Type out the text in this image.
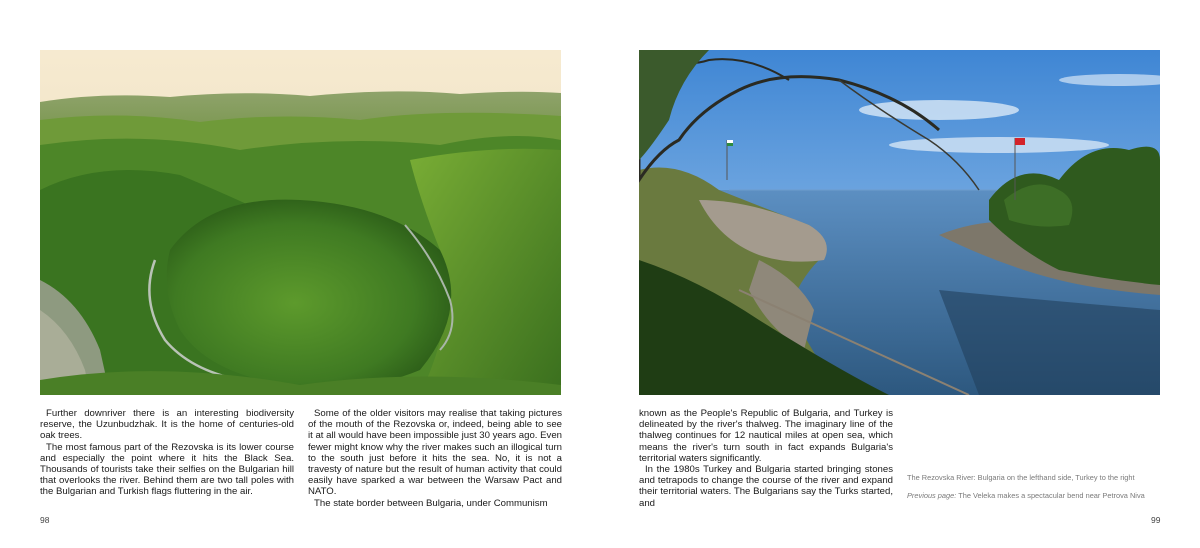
Further downriver there is an interesting biodiversity reserve, the Uzunbudzhak. It is the home of centuries-old oak trees.

The most famous part of the Rezovska is its lower course and especially the point where it hits the Black Sea. Thousands of tourists take their selfies on the Bulgarian hill that overlooks the river. Behind them are two tall poles with the Bulgarian and Turkish flags fluttering in the air.

Some of the older visitors may realise that taking pictures of the mouth of the Rezovska or, indeed, being able to see it at all would have been impossible just 30 years ago. Even fewer might know why the river makes such an illogical turn to the south just before it hits the sea. No, it is not a travesty of nature but the result of human activity that could easily have sparked a war between the Warsaw Pact and NATO.

The state border between Bulgaria, under Communism

known as the People's Republic of Bulgaria, and Turkey is delineated by the river's thalweg. The imaginary line of the thalweg continues for 12 nautical miles at open sea, which means the river's turn south in fact expands Bulgaria's territorial waters significantly.

In the 1980s Turkey and Bulgaria started bringing stones and tetrapods to change the course of the river and expand their territorial waters. The Bulgarians say the Turks started, and

The Rezovska River: Bulgaria on the lefthand side, Turkey to the right
Previous page: The Veleka makes a spectacular bend near Petrova Niva
98	99
